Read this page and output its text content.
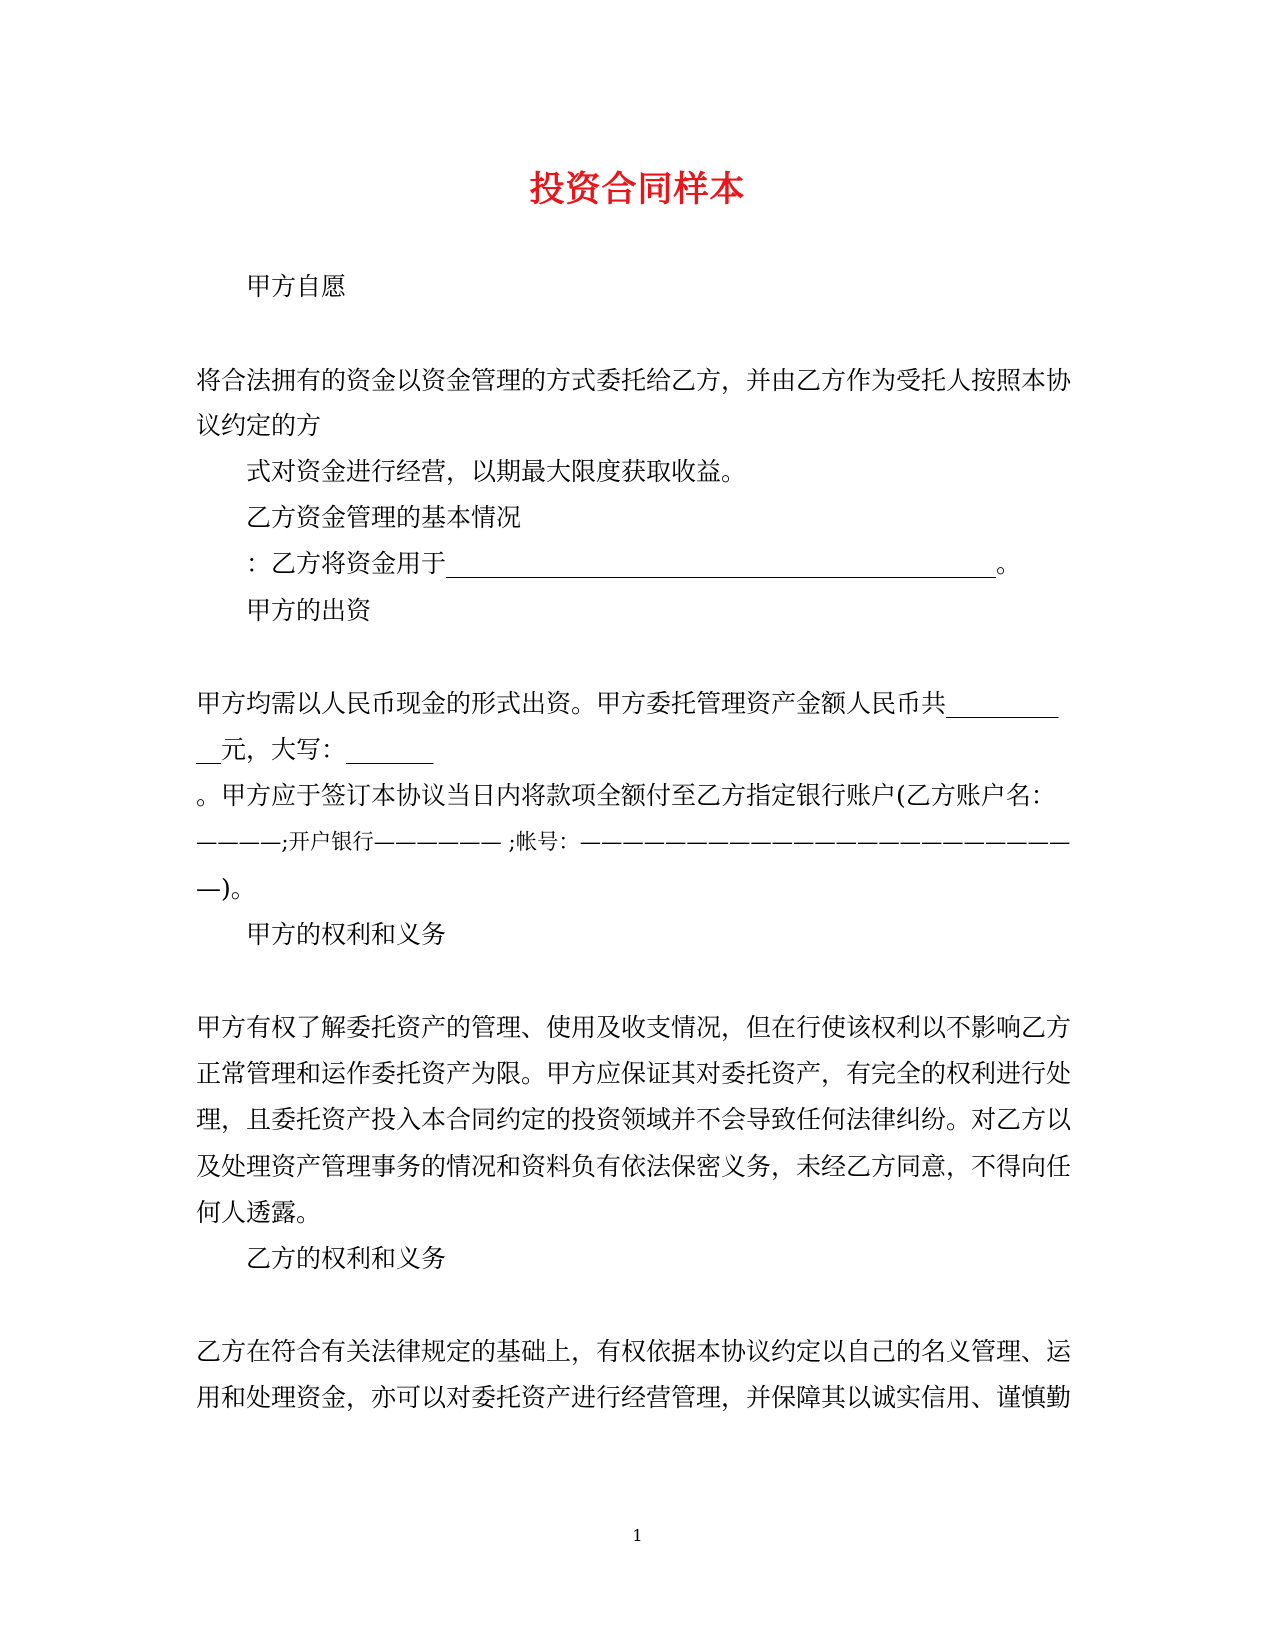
投资合同样本
甲方自愿
将合法拥有的资金以资金管理的方式委托给乙方，并由乙方作为受托人按照本协
议约定的方
式对资金进行经营，以期最大限度获取收益。
乙方资金管理的基本情况
：乙方将资金用于____________________________________________。
甲方的出资
甲方均需以人民币现金的形式出资。甲方委托管理资产金额人民币共_________
__元，大写：_______
。甲方应于签订本协议当日内将款项全额付至乙方指定银行账户(乙方账户名：
————;开户银行—————— ;帐号：———————————————————————
—)。
甲方的权利和义务
甲方有权了解委托资产的管理、使用及收支情况，但在行使该权利以不影响乙方
正常管理和运作委托资产为限。甲方应保证其对委托资产，有完全的权利进行处
理，且委托资产投入本合同约定的投资领域并不会导致任何法律纠纷。对乙方以
及处理资产管理事务的情况和资料负有依法保密义务，未经乙方同意，不得向任
何人透露。
乙方的权利和义务
乙方在符合有关法律规定的基础上，有权依据本协议约定以自己的名义管理、运
用和处理资金，亦可以对委托资产进行经营管理，并保障其以诚实信用、谨慎勤
1
